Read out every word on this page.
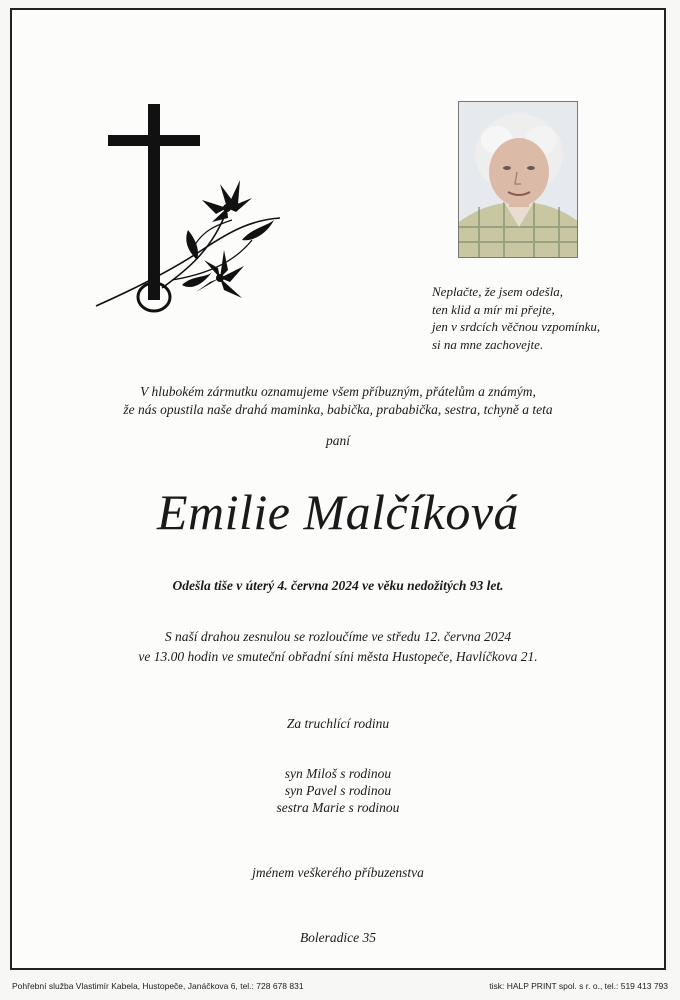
Neplačte, že jsem odešla,
ten klid a mír mi přejte,
jen v srdcích věčnou vzpomínku,
si na mne zachovejte.
V hlubokém zármutku oznamujeme všem příbuzným, přátelům a známým,
že nás opustila naše drahá maminka, babička, prababička, sestra, tchyně a teta
paní
Emilie Malčíková
Odešla tiše v úterý 4. června 2024 ve věku nedožitých 93 let.
S naší drahou zesnulou se rozloučíme ve středu 12. června 2024
ve 13.00 hodin ve smuteční obřadní síni města Hustopeče, Havlíčkova 21.
Za truchlící rodinu
syn Miloš s rodinou
syn Pavel s rodinou
sestra Marie s rodinou
jménem veškerého příbuzenstva
Boleradice 35
Pohřební služba Vlastimír Kabela, Hustopeče, Janáčkova 6, tel.: 728 678 831	tisk: HALP PRINT spol. s r. o., tel.: 519 413 793
